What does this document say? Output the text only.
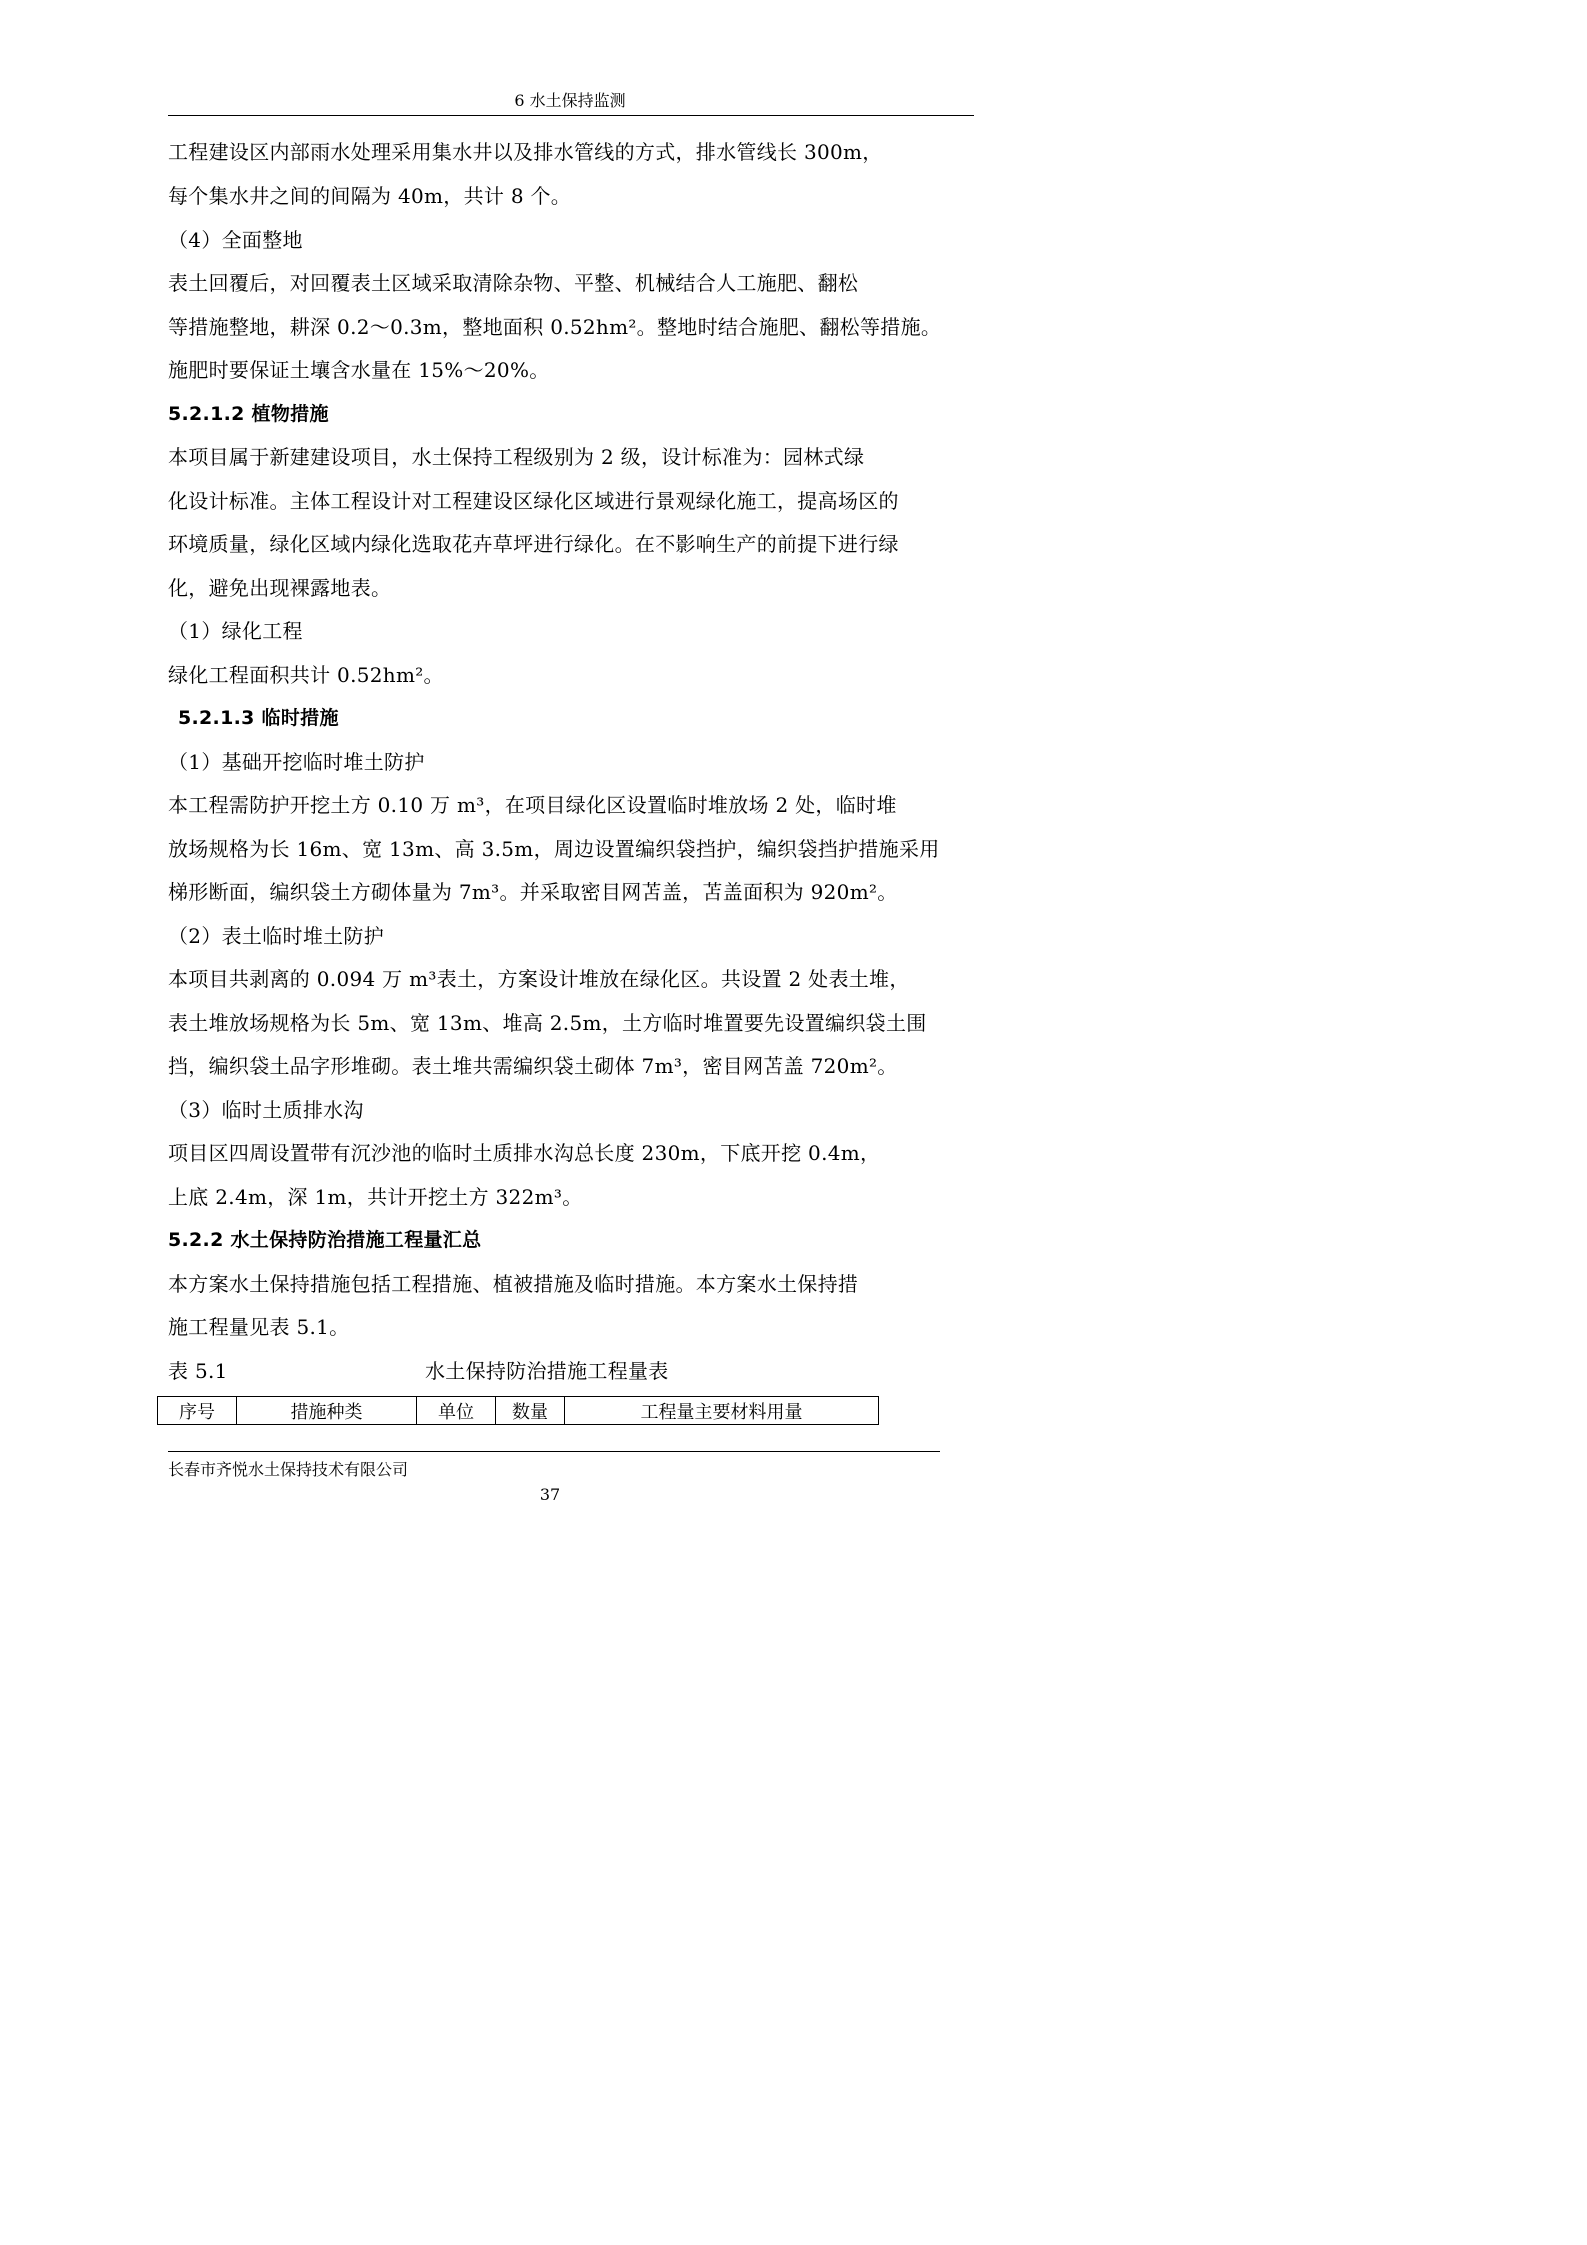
6 水土保持监测
工程建设区内部雨水处理采用集水井以及排水管线的方式，排水管线长 300m，
每个集水井之间的间隔为 40m，共计 8 个。
（4）全面整地
表土回覆后，对回覆表土区域采取清除杂物、平整、机械结合人工施肥、翻松
等措施整地，耕深 0.2～0.3m，整地面积 0.52hm²。整地时结合施肥、翻松等措施。
施肥时要保证土壤含水量在 15%～20%。
5.2.1.2 植物措施
本项目属于新建建设项目，水土保持工程级别为 2 级，设计标准为：园林式绿
化设计标准。主体工程设计对工程建设区绿化区域进行景观绿化施工，提高场区的
环境质量，绿化区域内绿化选取花卉草坪进行绿化。在不影响生产的前提下进行绿
化，避免出现裸露地表。
（1）绿化工程
绿化工程面积共计 0.52hm²。
5.2.1.3 临时措施
（1）基础开挖临时堆土防护
本工程需防护开挖土方 0.10 万 m³，在项目绿化区设置临时堆放场 2 处，临时堆
放场规格为长 16m、宽 13m、高 3.5m，周边设置编织袋挡护，编织袋挡护措施采用
梯形断面，编织袋土方砌体量为 7m³。并采取密目网苫盖，苫盖面积为 920m²。
（2）表土临时堆土防护
本项目共剥离的 0.094 万 m³表土，方案设计堆放在绿化区。共设置 2 处表土堆，
表土堆放场规格为长 5m、宽 13m、堆高 2.5m，土方临时堆置要先设置编织袋土围
挡，编织袋土品字形堆砌。表土堆共需编织袋土砌体 7m³，密目网苫盖 720m²。
（3）临时土质排水沟
项目区四周设置带有沉沙池的临时土质排水沟总长度 230m，下底开挖 0.4m，
上底 2.4m，深 1m，共计开挖土方 322m³。
5.2.2 水土保持防治措施工程量汇总
本方案水土保持措施包括工程措施、植被措施及临时措施。本方案水土保持措
施工程量见表 5.1。
表 5.1	水土保持防治措施工程量表
序号	措施种类	单位	数量	工程量主要材料用量
长春市齐悦水土保持技术有限公司
37
